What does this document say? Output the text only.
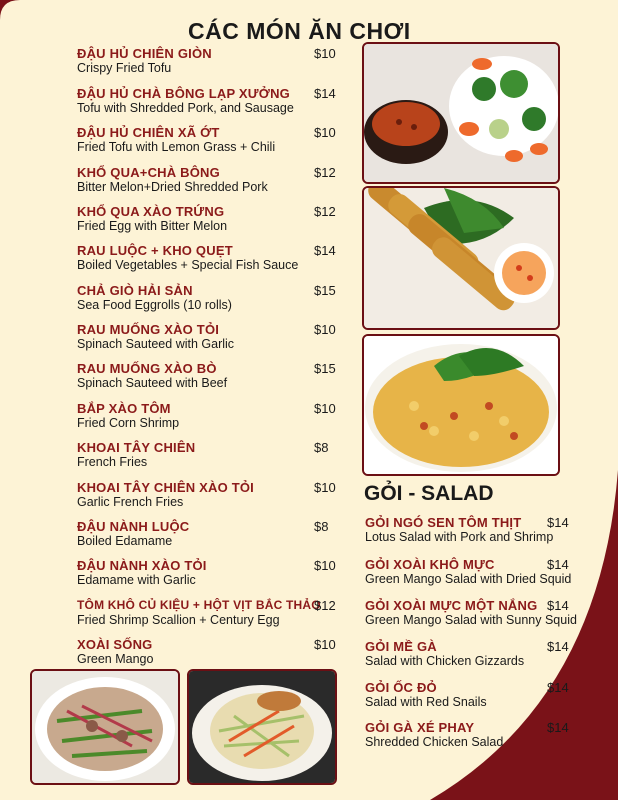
CÁC MÓN ĂN CHƠI
ĐẬU HỦ CHIÊN GIÒN
Crispy Fried Tofu
$10
ĐẬU HỦ CHÀ BÔNG LẠP XƯỞNG
Tofu with Shredded Pork, and Sausage
$14
ĐẬU HỦ CHIÊN XÃ ỚT
Fried Tofu with Lemon Grass + Chili
$10
KHỔ QUA+CHÀ BÔNG
Bitter Melon+Dried Shredded Pork
$12
KHỔ QUA XÀO TRỨNG
Fried Egg with Bitter Melon
$12
RAU LUỘC + KHO QUẸT
Boiled Vegetables + Special Fish Sauce
$14
CHẢ GIÒ HẢI SẢN
Sea Food Eggrolls (10 rolls)
$15
RAU MUỐNG XÀO TỎI
Spinach Sauteed with Garlic
$10
RAU MUỐNG XÀO BÒ
Spinach Sauteed with Beef
$15
BẮP XÀO TÔM
Fried Corn Shrimp
$10
KHOAI TÂY CHIÊN
French Fries
$8
KHOAI TÂY CHIÊN XÀO TỎI
Garlic French Fries
$10
ĐẬU NÀNH LUỘC
Boiled Edamame
$8
ĐẬU NÀNH XÀO TỎI
Edamame with Garlic
$10
TÔM KHÔ CỦ KIỆU + HỘT VỊT BẮC THẢO
Fried Shrimp Scallion + Century Egg
$12
XOÀI SỐNG
Green Mango
$10
GỎI - SALAD
GỎI NGÓ SEN TÔM THỊT
Lotus Salad with Pork and Shrimp
$14
GỎI XOÀI KHÔ MỰC
Green Mango Salad with Dried Squid
$14
GỎI XOÀI MỰC MỘT NẮNG
Green Mango Salad with Sunny Squid
$14
GỎI MỀ GÀ
Salad with Chicken Gizzards
$14
GỎI ỐC ĐỎ
Salad with Red Snails
$14
GỎI GÀ XÉ PHAY
Shredded Chicken Salad
$14
